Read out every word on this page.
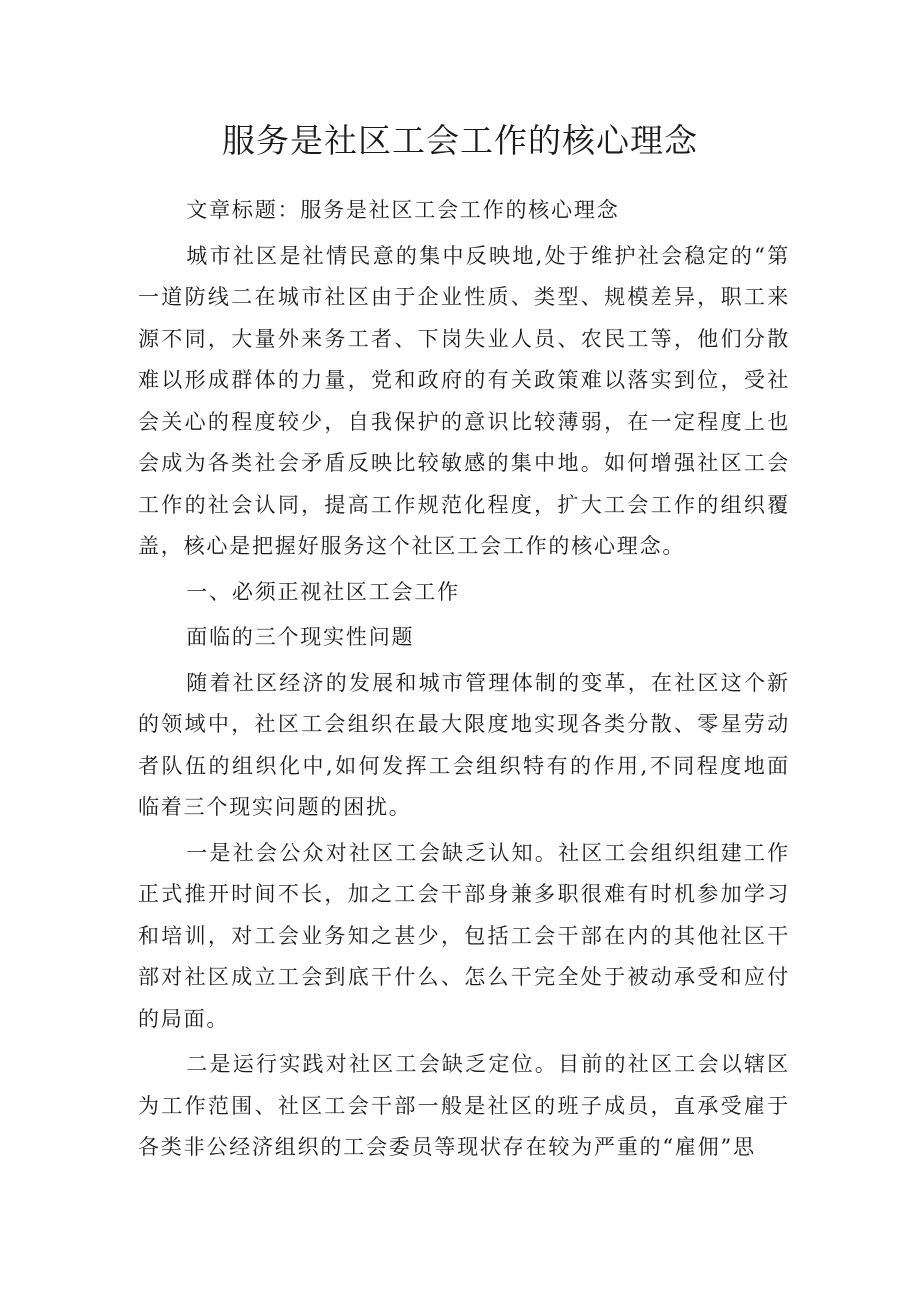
服务是社区工会工作的核心理念

文章标题：服务是社区工会工作的核心理念

城市社区是社情民意的集中反映地,处于维护社会稳定的“第一道防线二在城市社区由于企业性质、类型、规模差异，职工来源不同，大量外来务工者、下岗失业人员、农民工等，他们分散难以形成群体的力量，党和政府的有关政策难以落实到位，受社会关心的程度较少，自我保护的意识比较薄弱，在一定程度上也会成为各类社会矛盾反映比较敏感的集中地。如何增强社区工会工作的社会认同，提高工作规范化程度，扩大工会工作的组织覆盖，核心是把握好服务这个社区工会工作的核心理念。

一、必须正视社区工会工作

面临的三个现实性问题

随着社区经济的发展和城市管理体制的变革，在社区这个新的领域中，社区工会组织在最大限度地实现各类分散、零星劳动者队伍的组织化中,如何发挥工会组织特有的作用,不同程度地面临着三个现实问题的困扰。

一是社会公众对社区工会缺乏认知。社区工会组织组建工作正式推开时间不长，加之工会干部身兼多职很难有时机参加学习和培训，对工会业务知之甚少，包括工会干部在内的其他社区干部对社区成立工会到底干什么、怎么干完全处于被动承受和应付的局面。

二是运行实践对社区工会缺乏定位。目前的社区工会以辖区为工作范围、社区工会干部一般是社区的班子成员，直承受雇于各类非公经济组织的工会委员等现状存在较为严重的“雇佣”思
